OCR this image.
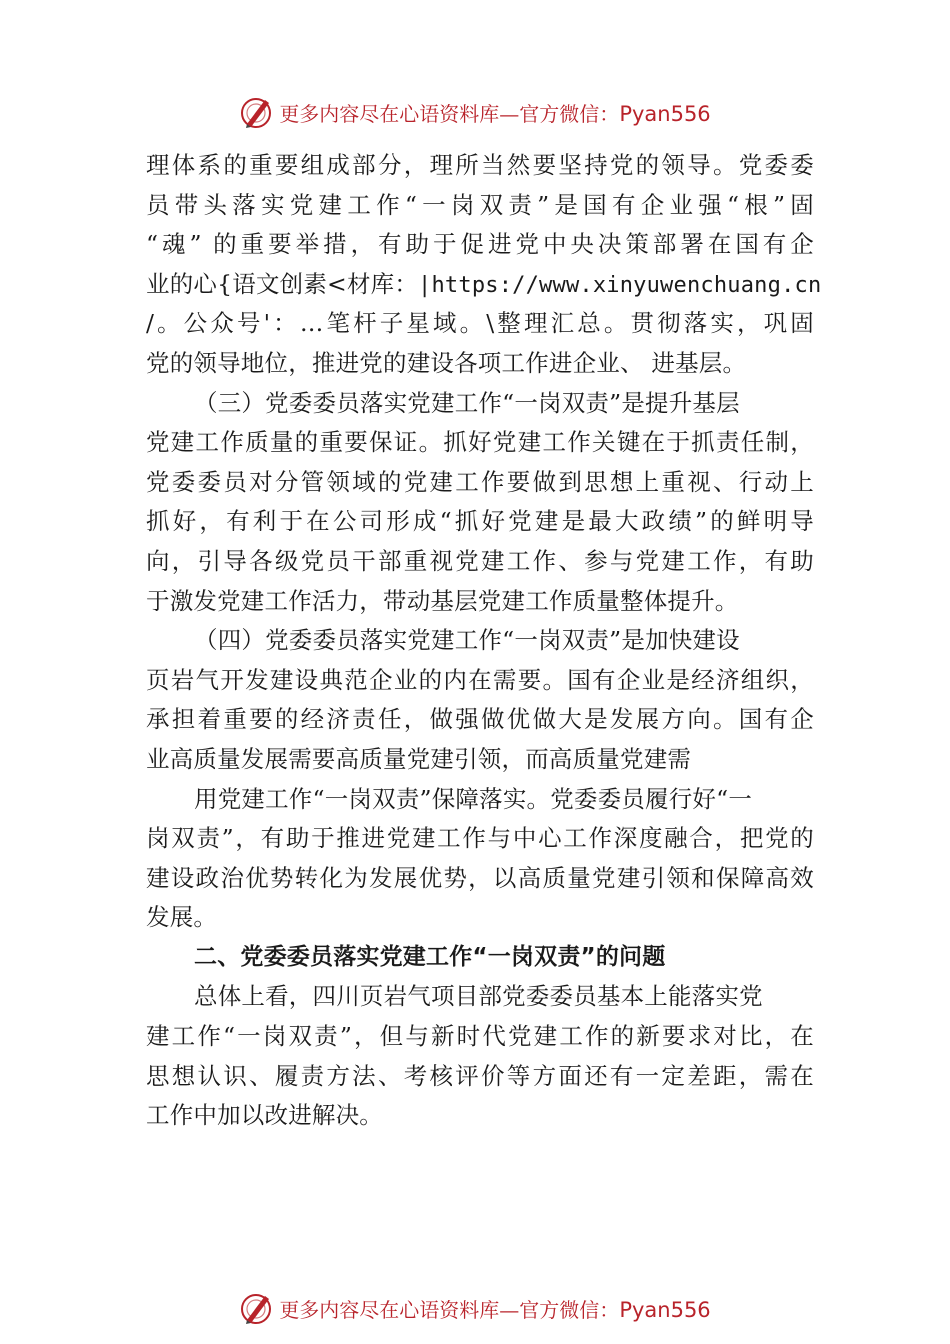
更多内容尽在心语资料库—官方微信：Pyan556
理体系的重要组成部分，理所当然要坚持党的领导。党委委
员带头落实党建工作“一岗双责”是国有企业强“根”固
“魂” 的重要举措，有助于促进党中央决策部署在国有企
业的心{语文创素<材库：|https://www.xinyuwenchuang.cn
/。公众号'：…笔杆子星域。\整理汇总。贯彻落实，巩固
党的领导地位，推进党的建设各项工作进企业、 进基层。
（三）党委委员落实党建工作“一岗双责”是提升基层
党建工作质量的重要保证。抓好党建工作关键在于抓责任制，
党委委员对分管领域的党建工作要做到思想上重视、行动上
抓好，有利于在公司形成“抓好党建是最大政绩”的鲜明导
向，引导各级党员干部重视党建工作、参与党建工作，有助
于激发党建工作活力，带动基层党建工作质量整体提升。
（四）党委委员落实党建工作“一岗双责”是加快建设
页岩气开发建设典范企业的内在需要。国有企业是经济组织，
承担着重要的经济责任，做强做优做大是发展方向。国有企
业高质量发展需要高质量党建引领，而高质量党建需
用党建工作“一岗双责”保障落实。党委委员履行好“一
岗双责”，有助于推进党建工作与中心工作深度融合，把党的
建设政治优势转化为发展优势，以高质量党建引领和保障高效
发展。
二、党委委员落实党建工作“一岗双责”的问题
总体上看，四川页岩气项目部党委委员基本上能落实党
建工作“一岗双责”，但与新时代党建工作的新要求对比，在
思想认识、履责方法、考核评价等方面还有一定差距，需在
工作中加以改进解决。
更多内容尽在心语资料库—官方微信：Pyan556
